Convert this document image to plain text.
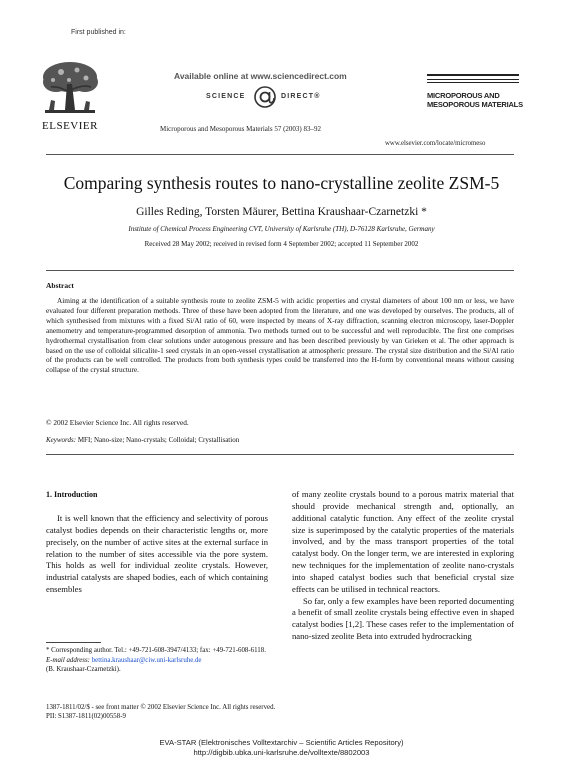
First published in:
ELSEVIER
Available online at www.sciencedirect.com
SCIENCE	DIRECT®
Microporous and Mesoporous Materials 57 (2003) 83–92
MICROPOROUS AND MESOPOROUS MATERIALS
www.elsevier.com/locate/micromeso
Comparing synthesis routes to nano-crystalline zeolite ZSM-5
Gilles Reding, Torsten Mäurer, Bettina Kraushaar-Czarnetzki *
Institute of Chemical Process Engineering CVT, University of Karlsruhe (TH), D-76128 Karlsruhe, Germany
Received 28 May 2002; received in revised form 4 September 2002; accepted 11 September 2002
Abstract
Aiming at the identification of a suitable synthesis route to zeolite ZSM-5 with acidic properties and crystal diameters of about 100 nm or less, we have evaluated four different preparation methods. Three of these have been adopted from the literature, and one was developed by ourselves. The products, all of which synthesised from mixtures with a fixed Si/Al ratio of 60, were inspected by means of X-ray diffraction, scanning electron microscopy, laser-Doppler anemometry and temperature-programmed desorption of ammonia. Two methods turned out to be successful and well reproducible. The first one comprises hydrothermal crystallisation from clear solutions under autogenous pressure and has been described previously by van Grieken et al. The other approach is based on the use of colloidal silicalite-1 seed crystals in an open-vessel crystallisation at atmospheric pressure. The crystal size distribution and the Si/Al ratio of the products can be well controlled. The products from both synthesis types could be transferred into the H-form by conventional means without causing collapse of the crystal structure.
© 2002 Elsevier Science Inc. All rights reserved.
Keywords: MFI; Nano-size; Nano-crystals; Colloidal; Crystallisation
1. Introduction
It is well known that the efficiency and selectivity of porous catalyst bodies depends on their characteristic lengths or, more precisely, on the number of active sites at the external surface in relation to the number of sites accessible via the pore system. This holds as well for individual zeolite crystals. However, industrial catalysts are shaped bodies, each of which containing ensembles

of many zeolite crystals bound to a porous matrix material that should provide mechanical strength and, optionally, an additional catalytic function. Any effect of the zeolite crystal size is superimposed by the catalytic properties of the materials involved, and by the mass transport properties of the total catalyst body. On the longer term, we are interested in exploring new techniques for the implementation of zeolite nano-crystals into shaped catalyst bodies such that beneficial crystal size effects can be utilised in technical reactors.

So far, only a few examples have been reported documenting a benefit of small zeolite crystals being effective even in shaped catalyst bodies [1,2]. These cases refer to the implementation of nano-sized zeolite Beta into extruded hydrocracking

* Corresponding author. Tel.: +49-721-608-3947/4133; fax: +49-721-608-6118.
E-mail address: bettina.kraushaar@ciw.uni-karlsruhe.de
(B. Kraushaar-Czarnetzki).
1387-1811/02/$ - see front matter © 2002 Elsevier Science Inc. All rights reserved.
PII: S1387-1811(02)00558-9
EVA-STAR (Elektronisches Volltextarchiv – Scientific Articles Repository)
http://digbib.ubka.uni-karlsruhe.de/volltexte/8802003
